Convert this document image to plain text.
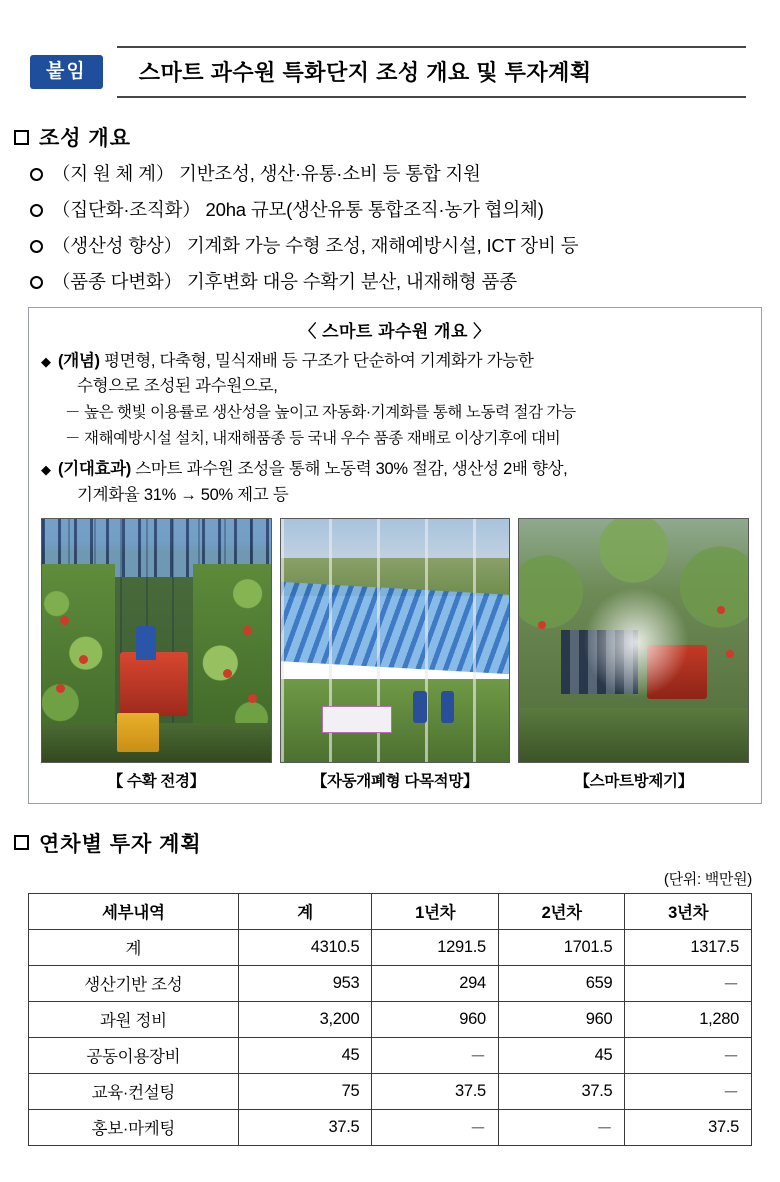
붙임	스마트 과수원 특화단지 조성 개요 및 투자계획
조성 개요
（지 원 체 계） 기반조성, 생산·유통·소비 등 통합 지원
（집단화·조직화） 20ha 규모(생산유통 통합조직·농가 협의체)
（생산성 향상） 기계화 가능 수형 조성, 재해예방시설, ICT 장비 등
（품종 다변화） 기후변화 대응 수확기 분산, 내재해형 품종
〈 스마트 과수원 개요 〉
◆ (개념) 평면형, 다축형, 밀식재배 등 구조가 단순하여 기계화가 가능한
수형으로 조성된 과수원으로,
－ 높은 햇빛 이용률로 생산성을 높이고 자동화·기계화를 통해 노동력 절감 가능
－ 재해예방시설 설치, 내재해품종 등 국내 우수 품종 재배로 이상기후에 대비
◆ (기대효과) 스마트 과수원 조성을 통해 노동력 30% 절감, 생산성 2배 향상,
기계화율 31% → 50% 제고 등
【 수확 전경】	【자동개폐형 다목적망】	【스마트방제기】
연차별 투자 계획
(단위: 백만원)
세부내역	계	1년차	2년차	3년차
계	4310.5	1291.5	1701.5	1317.5
생산기반 조성	953	294	659	－
과원 정비	3,200	960	960	1,280
공동이용장비	45	－	45	－
교육·컨설팅	75	37.5	37.5	－
홍보·마케팅	37.5	－	－	37.5
